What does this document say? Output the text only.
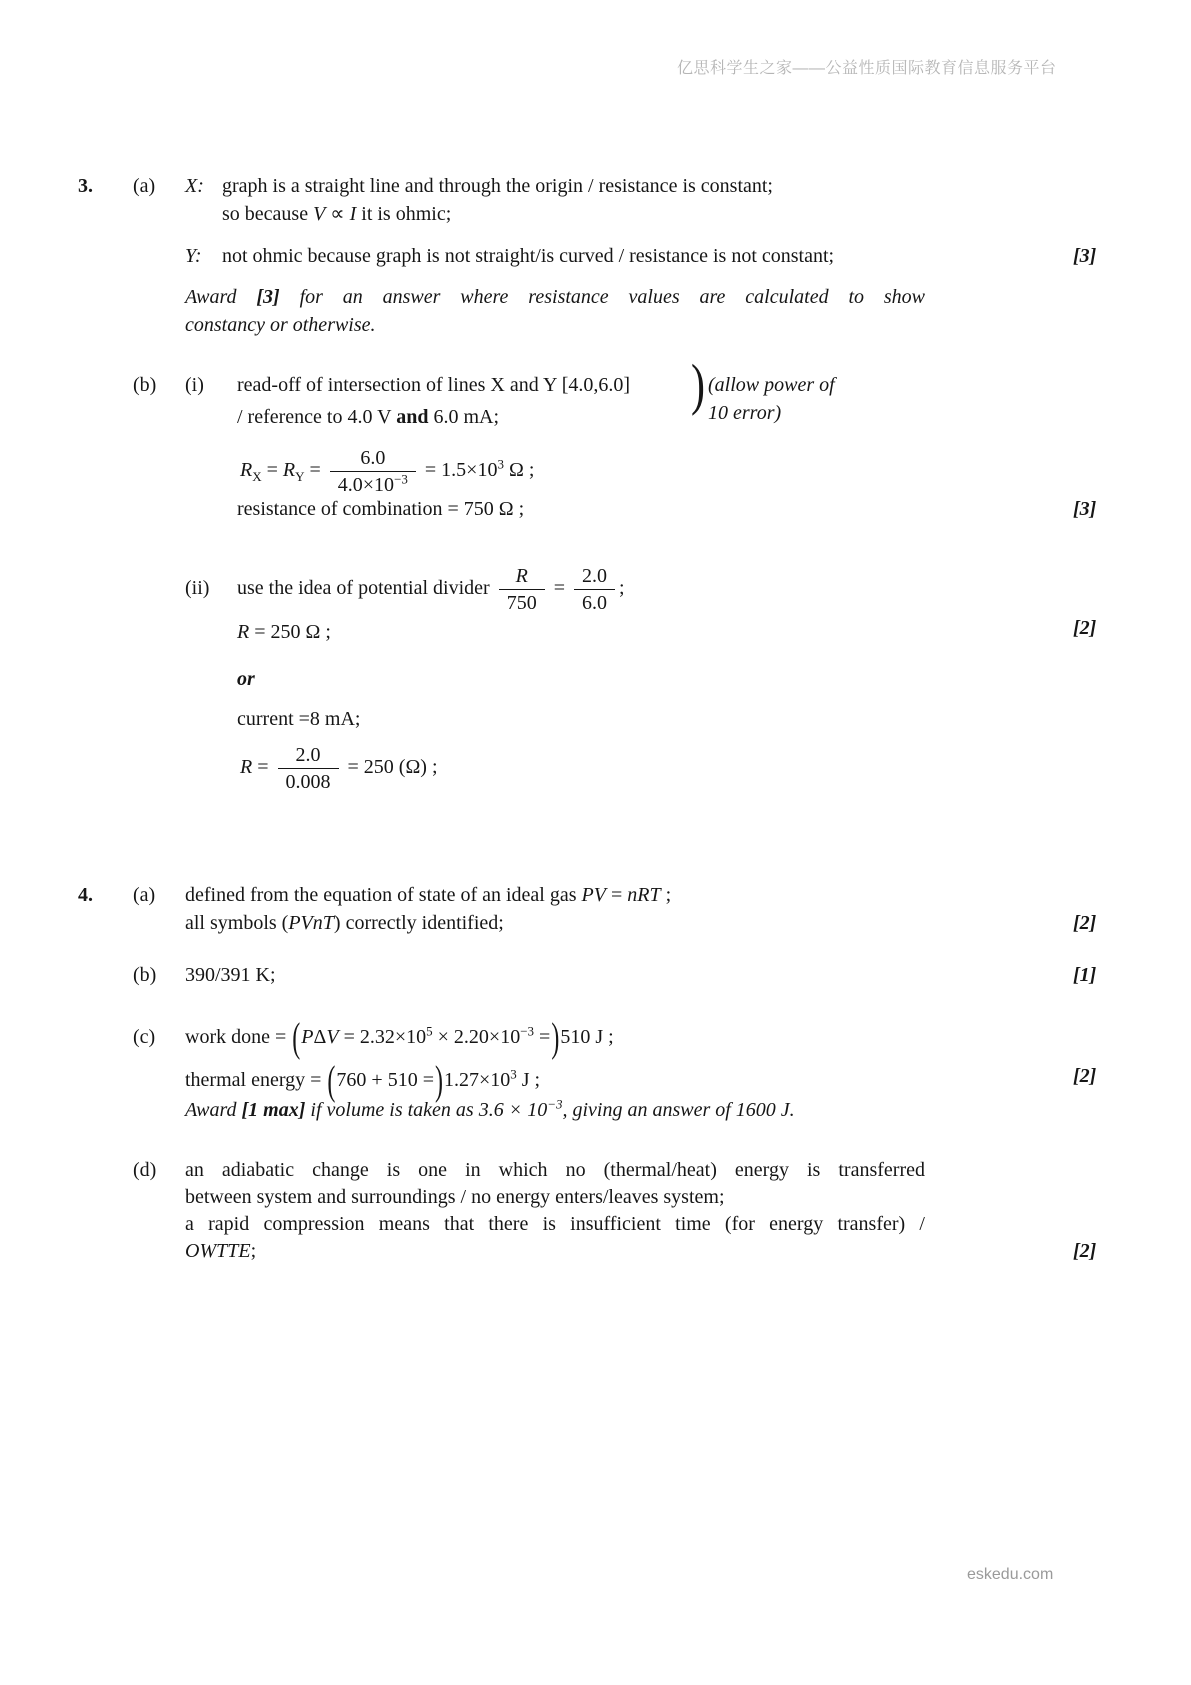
亿思科学生之家——公益性质国际教育信息服务平台
3. (a) X: graph is a straight line and through the origin / resistance is constant;
so because V ∝ I it is ohmic;
Y: not ohmic because graph is not straight/is curved / resistance is not constant;	[3]
Award [3] for an answer where resistance values are calculated to show
constancy or otherwise.
(b) (i) read-off of intersection of lines X and Y [4.0,6.0] ) (allow power of
10 error)
/ reference to 4.0 V and 6.0 mA;
$R_X = R_Y = \frac{6.0}{4.0\times 10^{-3}} = 1.5\times 10^3$ Ω ;
resistance of combination = 750 Ω ;	[3]
(ii) use the idea of potential divider $\frac{R}{750} = \frac{2.0}{6.0}$ ;
R = 250 Ω ;	[2]
or
current =8 mA;
$R = \frac{2.0}{0.008} = 250$ (Ω) ;
4. (a) defined from the equation of state of an ideal gas PV = nRT ;
all symbols (PVnT) correctly identified;	[2]
(b) 390/391 K;	[1]
(c) work done = $(P\Delta V = 2.32\times 10^5 \times 2.20\times 10^{-3} =)510$ J ;
thermal energy = $(760 + 510 =)1.27\times 10^3$ J ;	[2]
Award [1 max] if volume is taken as $3.6 \times 10^{-3}$, giving an answer of 1600 J.
(d) an adiabatic change is one in which no (thermal/heat) energy is transferred
between system and surroundings / no energy enters/leaves system;
a rapid compression means that there is insufficient time (for energy transfer) /
OWTTE;	[2]
eskedu.com
